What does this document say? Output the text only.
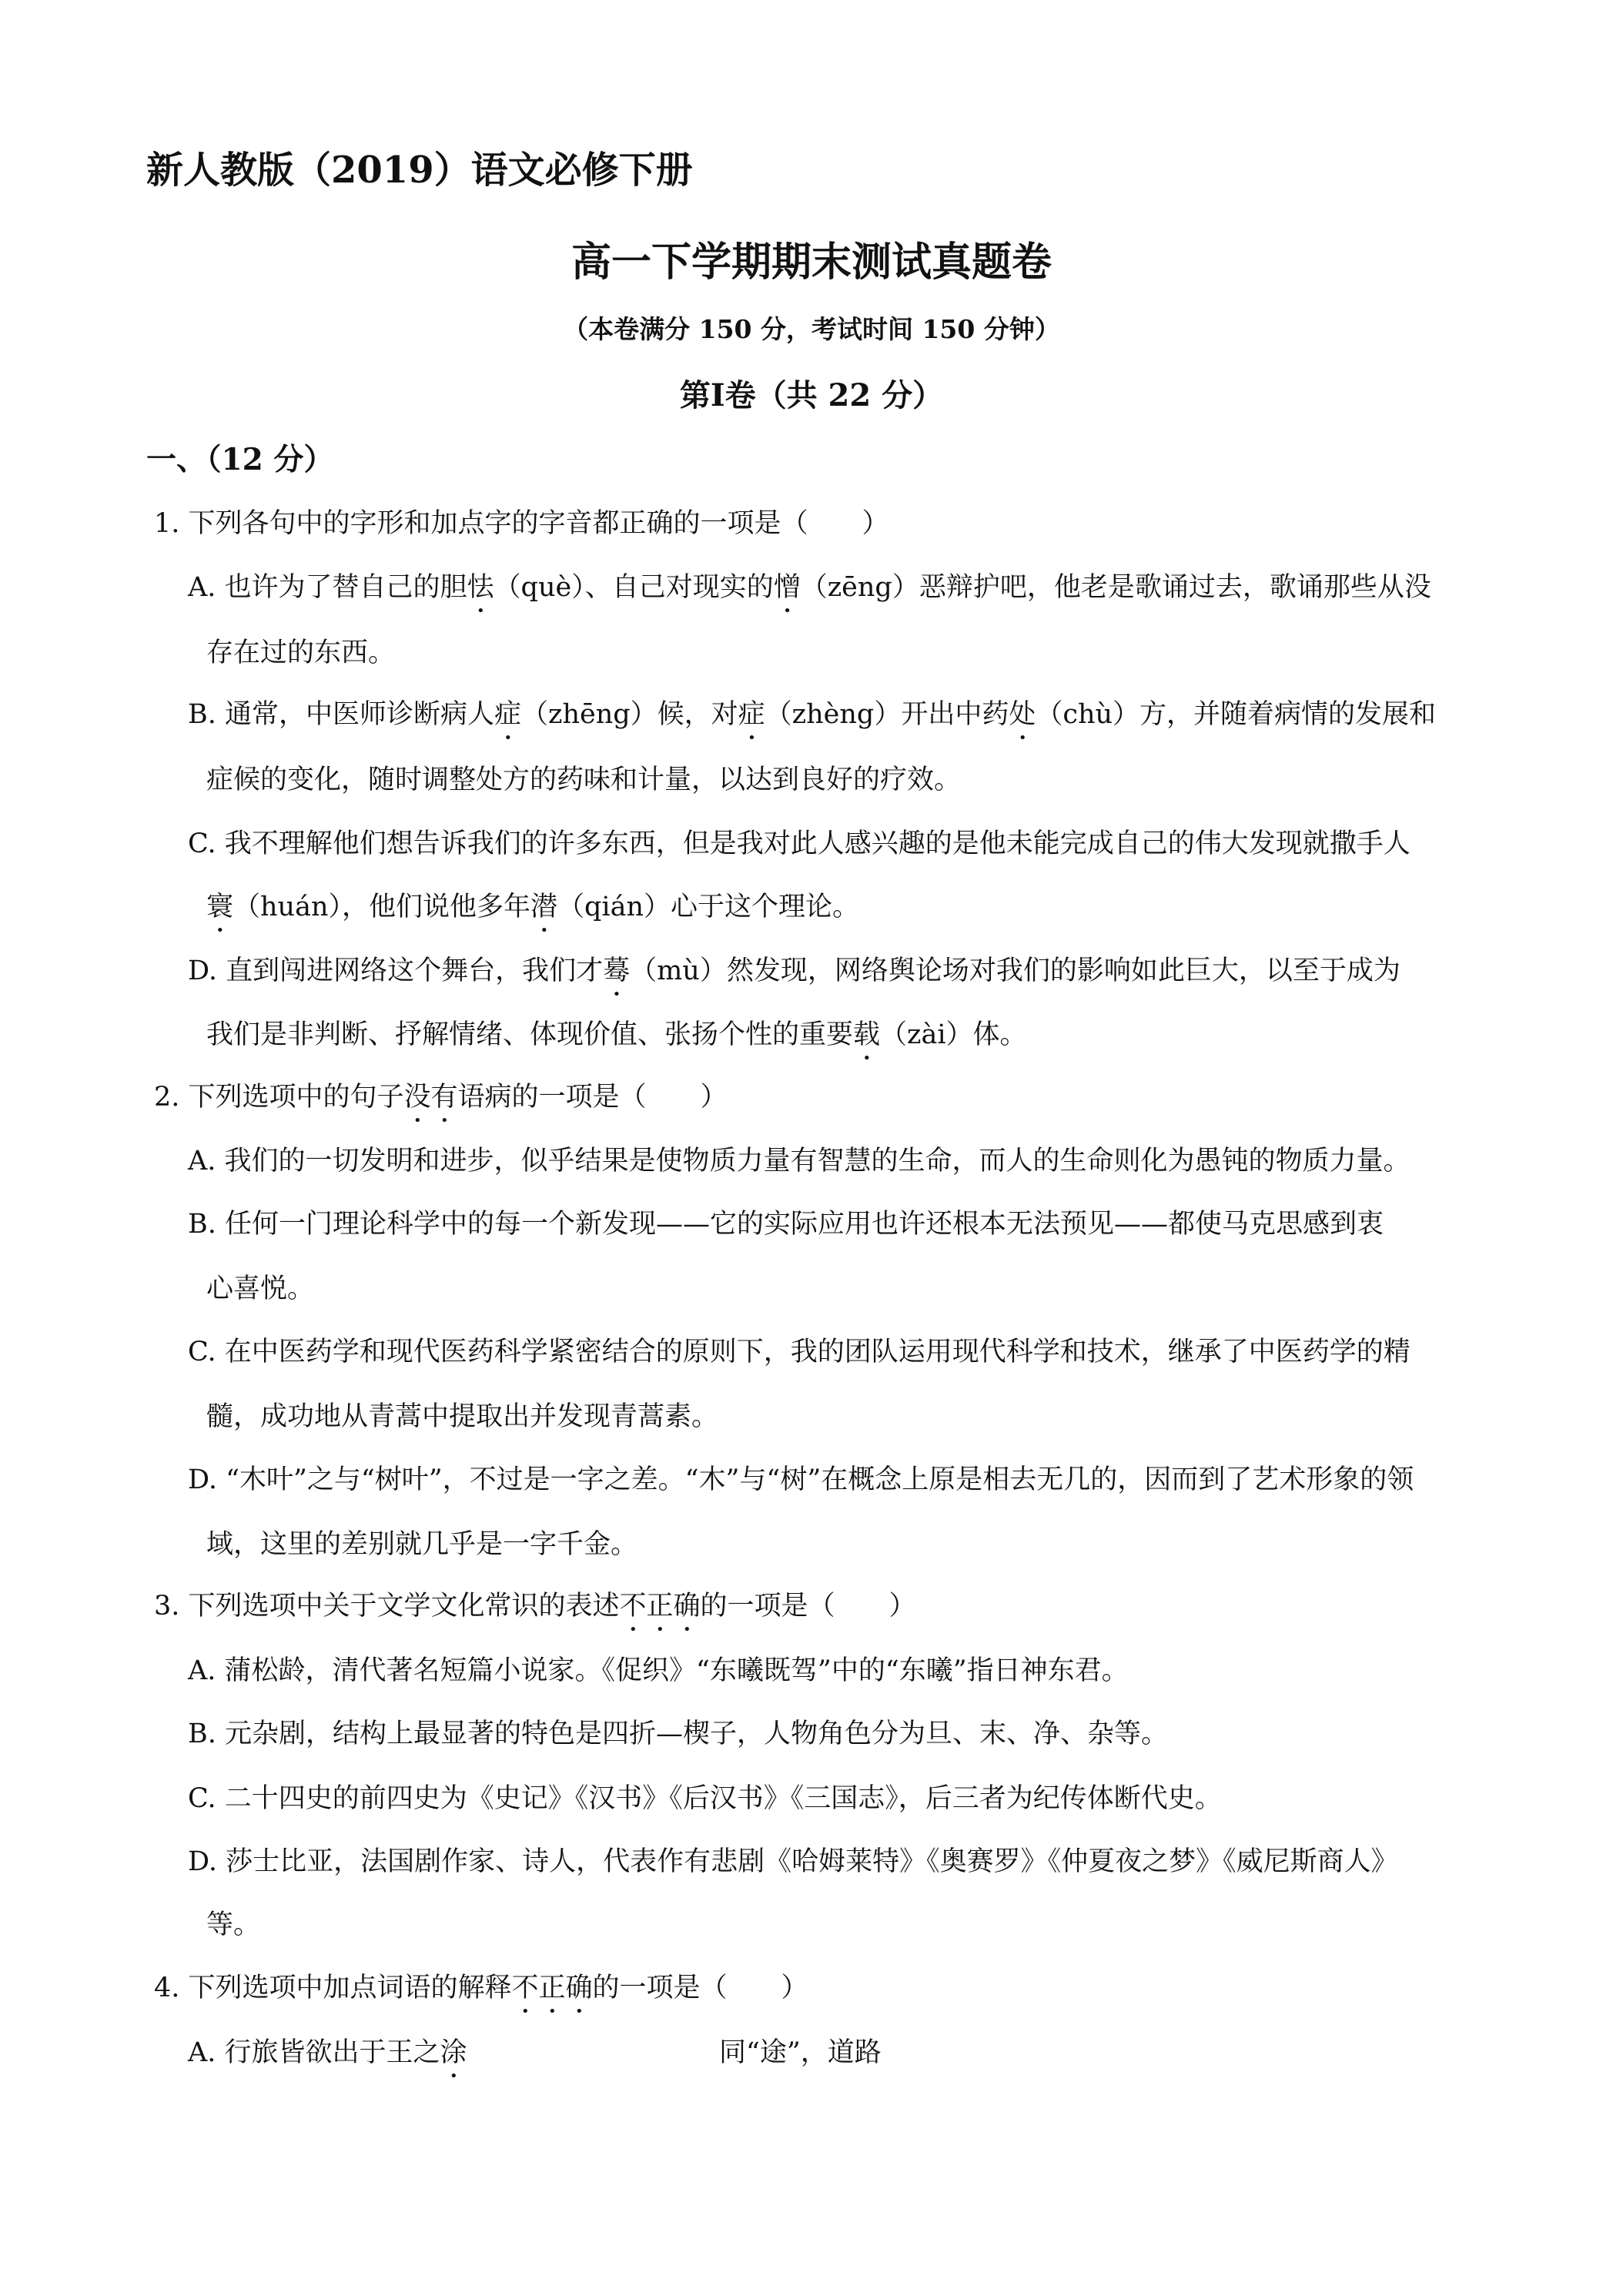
新人教版（2019）语文必修下册
高一下学期期末测试真题卷
（本卷满分 150 分，考试时间 150 分钟）
第Ⅰ卷（共 22 分）
一、（12 分）
1. 下列各句中的字形和加点字的字音都正确的一项是（　　）
A. 也许为了替自己的胆怯（què）、自己对现实的憎（zēng）恶辩护吧，他老是歌诵过去，歌诵那些从没
存在过的东西。
B. 通常，中医师诊断病人症（zhēng）候，对症（zhèng）开出中药处（chù）方，并随着病情的发展和
症候的变化，随时调整处方的药味和计量，以达到良好的疗效。
C. 我不理解他们想告诉我们的许多东西，但是我对此人感兴趣的是他未能完成自己的伟大发现就撒手人
寰（huán），他们说他多年潜（qián）心于这个理论。
D. 直到闯进网络这个舞台，我们才蓦（mù）然发现，网络舆论场对我们的影响如此巨大，以至于成为
我们是非判断、抒解情绪、体现价值、张扬个性的重要载（zài）体。
2. 下列选项中的句子没有语病的一项是（　　）
A. 我们的一切发明和进步，似乎结果是使物质力量有智慧的生命，而人的生命则化为愚钝的物质力量。
B. 任何一门理论科学中的每一个新发现——它的实际应用也许还根本无法预见——都使马克思感到衷
心喜悦。
C. 在中医药学和现代医药科学紧密结合的原则下，我的团队运用现代科学和技术，继承了中医药学的精
髓，成功地从青蒿中提取出并发现青蒿素。
D. “木叶”之与“树叶”，不过是一字之差。“木”与“树”在概念上原是相去无几的，因而到了艺术形象的领
域，这里的差别就几乎是一字千金。
3. 下列选项中关于文学文化常识的表述不正确的一项是（　　）
A. 蒲松龄，清代著名短篇小说家。《促织》“东曦既驾”中的“东曦”指日神东君。
B. 元杂剧，结构上最显著的特色是四折—楔子，人物角色分为旦、末、净、杂等。
C. 二十四史的前四史为《史记》《汉书》《后汉书》《三国志》，后三者为纪传体断代史。
D. 莎士比亚，法国剧作家、诗人，代表作有悲剧《哈姆莱特》《奥赛罗》《仲夏夜之梦》《威尼斯商人》
等。
4. 下列选项中加点词语的解释不正确的一项是（　　）
A. 行旅皆欲出于王之涂	同“途”，道路
